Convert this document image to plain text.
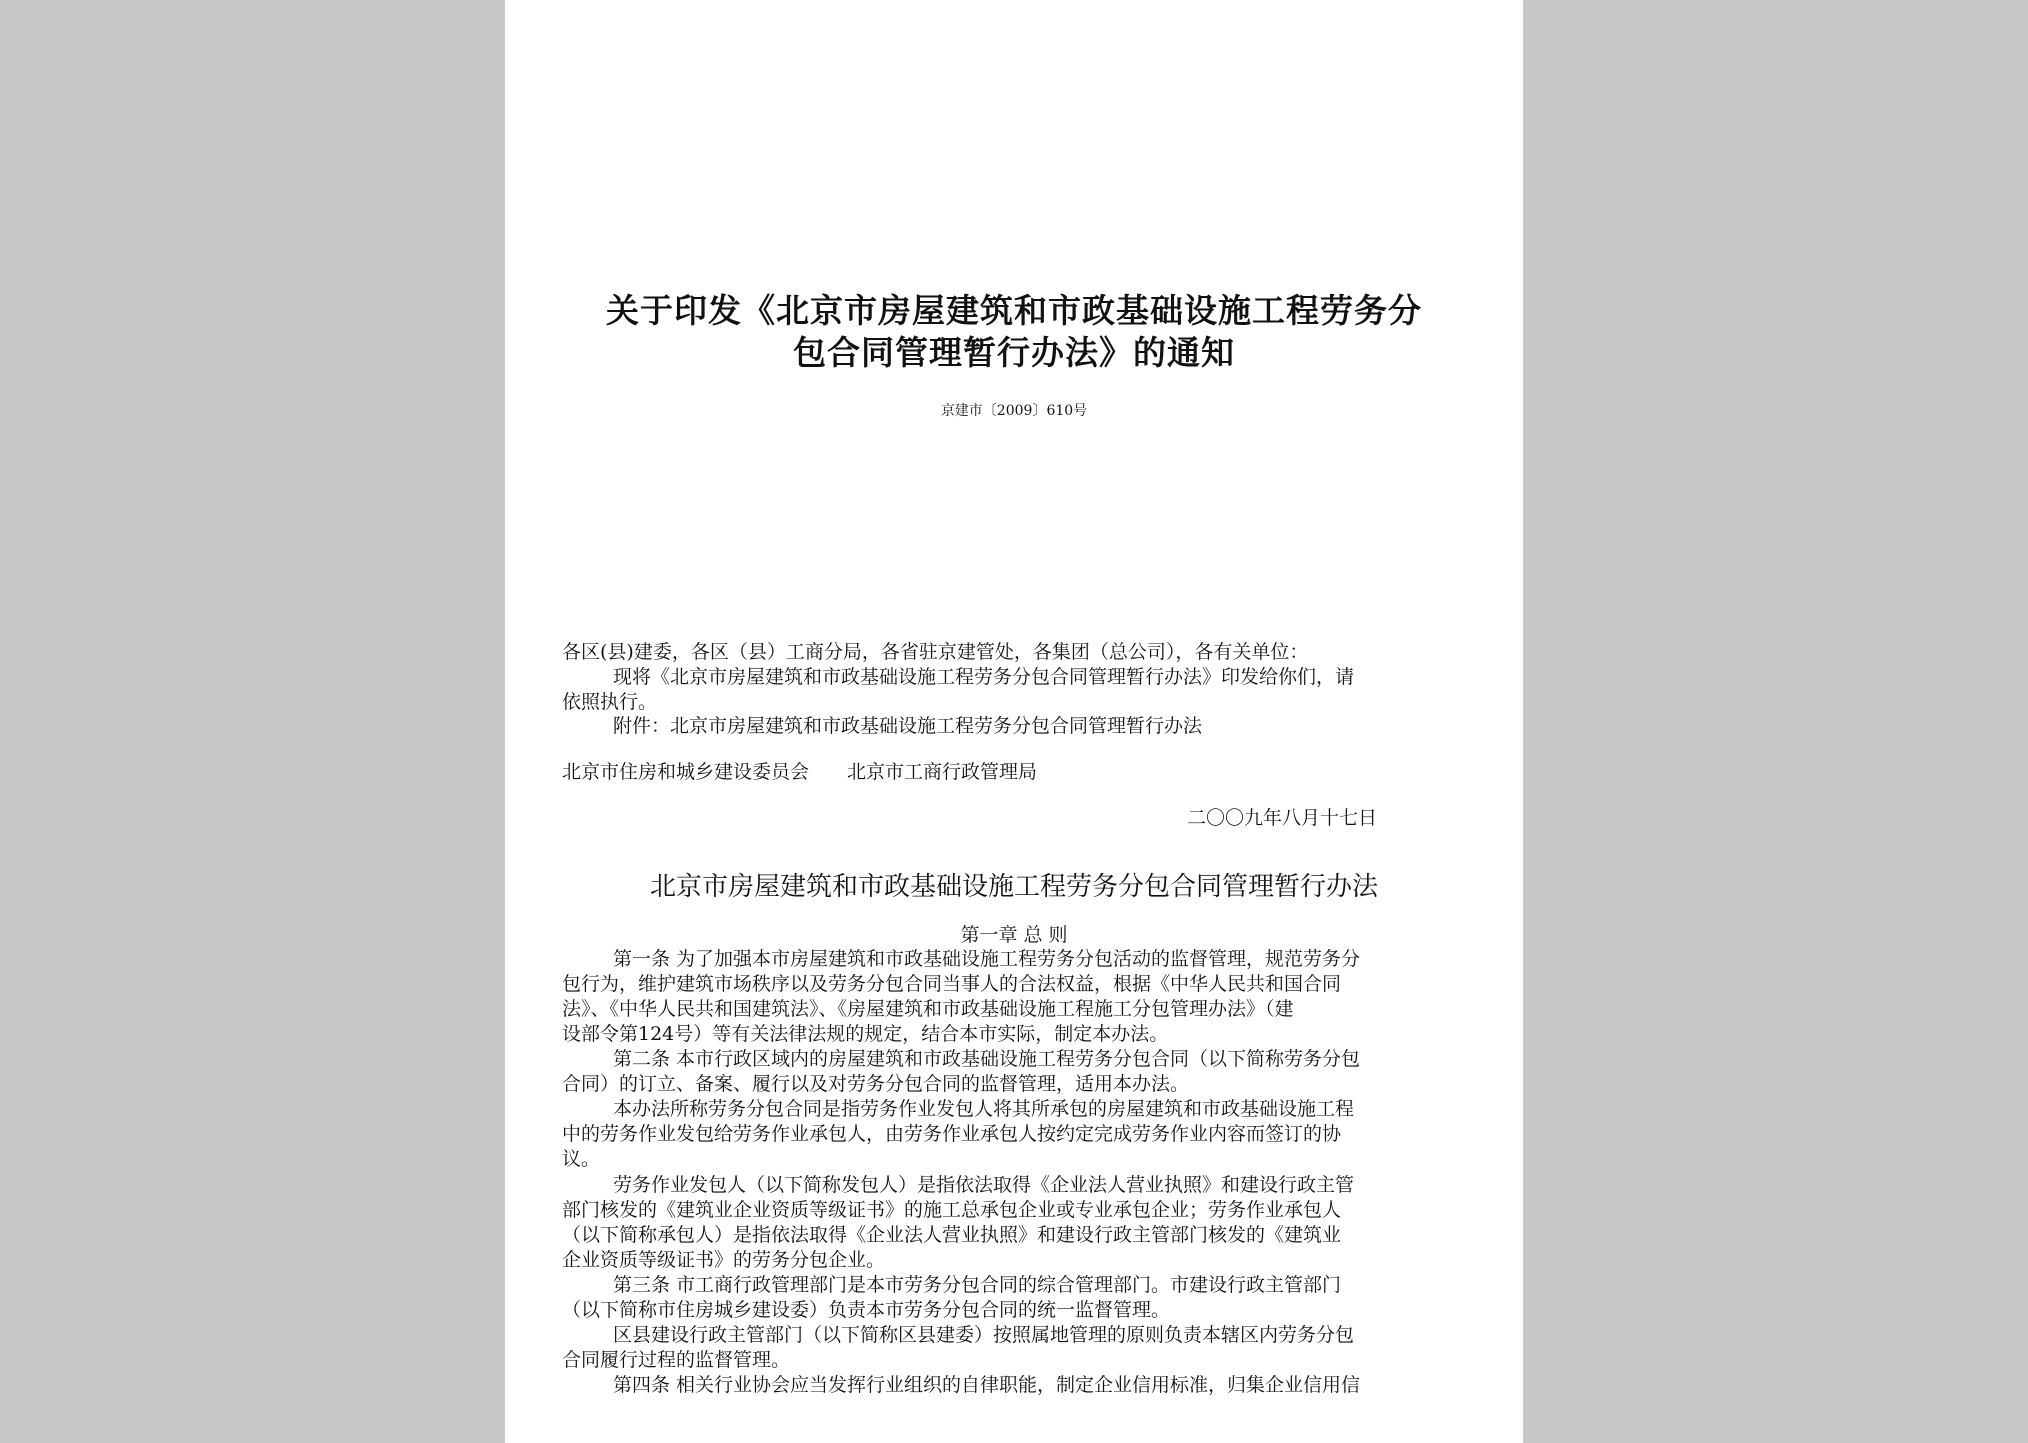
关于印发《北京市房屋建筑和市政基础设施工程劳务分
包合同管理暂行办法》的通知
京建市〔2009〕610号
各区(县)建委，各区（县）工商分局，各省驻京建管处，各集团（总公司），各有关单位：
现将《北京市房屋建筑和市政基础设施工程劳务分包合同管理暂行办法》印发给你们，请
依照执行。
附件：北京市房屋建筑和市政基础设施工程劳务分包合同管理暂行办法
北京市住房和城乡建设委员会　　北京市工商行政管理局
二〇〇九年八月十七日
北京市房屋建筑和市政基础设施工程劳务分包合同管理暂行办法
第一章 总 则
第一条 为了加强本市房屋建筑和市政基础设施工程劳务分包活动的监督管理，规范劳务分
包行为，维护建筑市场秩序以及劳务分包合同当事人的合法权益，根据《中华人民共和国合同
法》、《中华人民共和国建筑法》、《房屋建筑和市政基础设施工程施工分包管理办法》（建
设部令第124号）等有关法律法规的规定，结合本市实际，制定本办法。
第二条 本市行政区域内的房屋建筑和市政基础设施工程劳务分包合同（以下简称劳务分包
合同）的订立、备案、履行以及对劳务分包合同的监督管理，适用本办法。
本办法所称劳务分包合同是指劳务作业发包人将其所承包的房屋建筑和市政基础设施工程
中的劳务作业发包给劳务作业承包人，由劳务作业承包人按约定完成劳务作业内容而签订的协
议。
劳务作业发包人（以下简称发包人）是指依法取得《企业法人营业执照》和建设行政主管
部门核发的《建筑业企业资质等级证书》的施工总承包企业或专业承包企业；劳务作业承包人
（以下简称承包人）是指依法取得《企业法人营业执照》和建设行政主管部门核发的《建筑业
企业资质等级证书》的劳务分包企业。
第三条 市工商行政管理部门是本市劳务分包合同的综合管理部门。市建设行政主管部门
（以下简称市住房城乡建设委）负责本市劳务分包合同的统一监督管理。
区县建设行政主管部门（以下简称区县建委）按照属地管理的原则负责本辖区内劳务分包
合同履行过程的监督管理。
第四条 相关行业协会应当发挥行业组织的自律职能，制定企业信用标准，归集企业信用信
